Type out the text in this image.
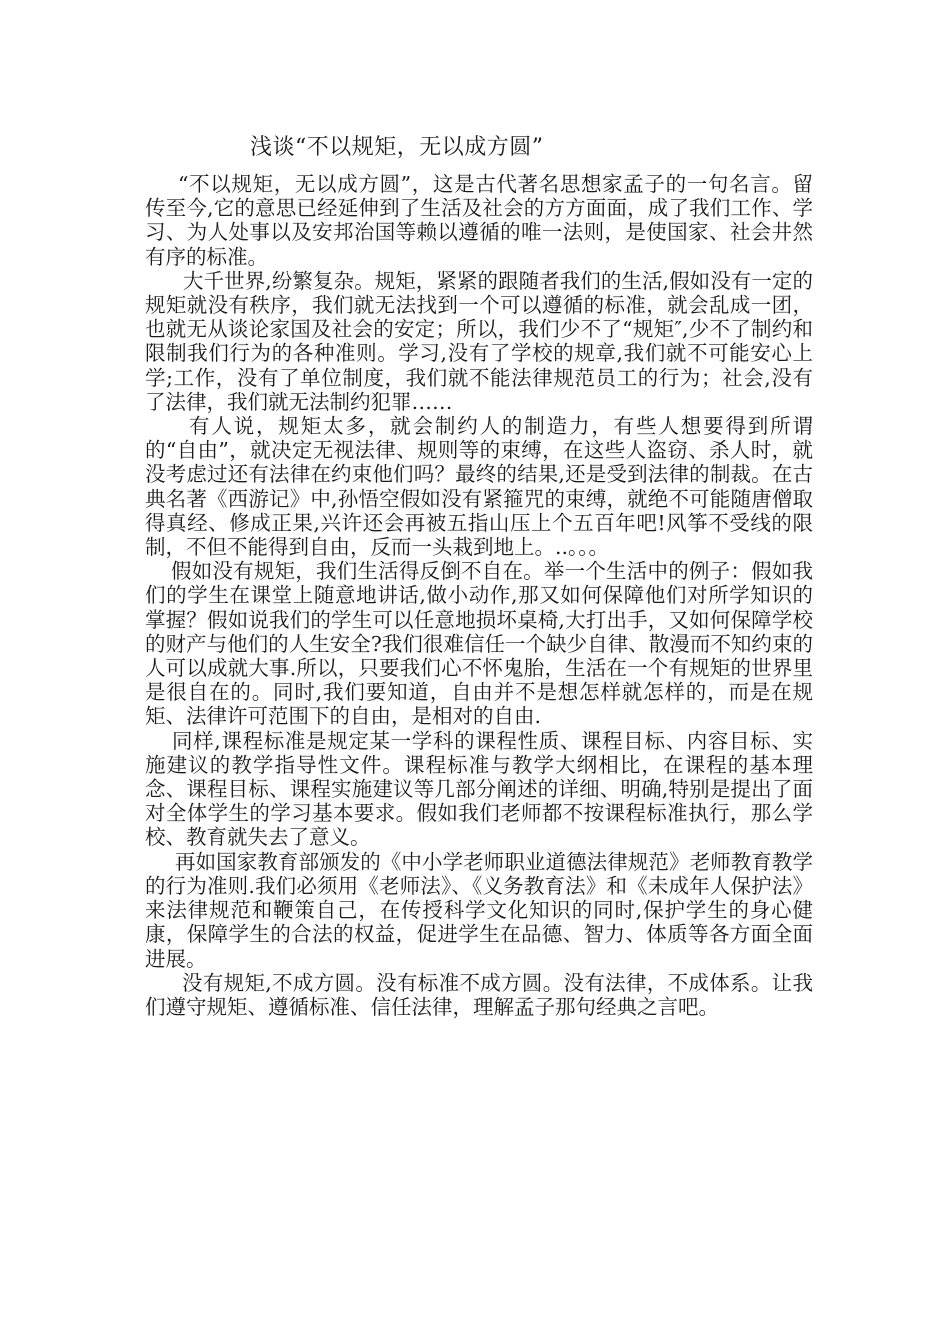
浅谈“不以规矩，无以成方圆”

“不以规矩，无以成方圆”，这是古代著名思想家孟子的一句名言。留传至今,它的意思已经延伸到了生活及社会的方方面面，成了我们工作、学习、为人处事以及安邦治国等赖以遵循的唯一法则，是使国家、社会井然有序的标准。

大千世界,纷繁复杂。规矩，紧紧的跟随者我们的生活,假如没有一定的规矩就没有秩序，我们就无法找到一个可以遵循的标准，就会乱成一团，也就无从谈论家国及社会的安定；所以，我们少不了“规矩″,少不了制约和限制我们行为的各种准则。学习,没有了学校的规章,我们就不可能安心上学;工作，没有了单位制度，我们就不能法律规范员工的行为；社会,没有了法律，我们就无法制约犯罪……

有人说，规矩太多，就会制约人的制造力，有些人想要得到所谓的“自由”，就决定无视法律、规则等的束缚，在这些人盗窃、杀人时，就没考虑过还有法律在约束他们吗？最终的结果,还是受到法律的制裁。在古典名著《西游记》中,孙悟空假如没有紧箍咒的束缚，就绝不可能随唐僧取得真经、修成正果,兴许还会再被五指山压上个五百年吧!风筝不受线的限制，不但不能得到自由，反而一头栽到地上。..。。。

假如没有规矩，我们生活得反倒不自在。举一个生活中的例子：假如我们的学生在课堂上随意地讲话,做小动作,那又如何保障他们对所学知识的掌握？假如说我们的学生可以任意地损坏桌椅,大打出手，又如何保障学校的财产与他们的人生安全?我们很难信任一个缺少自律、散漫而不知约束的人可以成就大事.所以，只要我们心不怀鬼胎，生活在一个有规矩的世界里是很自在的。同时,我们要知道，自由并不是想怎样就怎样的，而是在规矩、法律许可范围下的自由，是相对的自由.

同样,课程标准是规定某一学科的课程性质、课程目标、内容目标、实施建议的教学指导性文件。课程标准与教学大纲相比，在课程的基本理念、课程目标、课程实施建议等几部分阐述的详细、明确,特别是提出了面对全体学生的学习基本要求。假如我们老师都不按课程标准执行，那么学校、教育就失去了意义。

再如国家教育部颁发的《中小学老师职业道德法律规范》老师教育教学的行为准则.我们必须用《老师法》、《义务教育法》和《未成年人保护法》来法律规范和鞭策自己，在传授科学文化知识的同时,保护学生的身心健康，保障学生的合法的权益，促进学生在品德、智力、体质等各方面全面进展。

没有规矩,不成方圆。没有标准不成方圆。没有法律，不成体系。让我们遵守规矩、遵循标准、信任法律，理解孟子那句经典之言吧。
